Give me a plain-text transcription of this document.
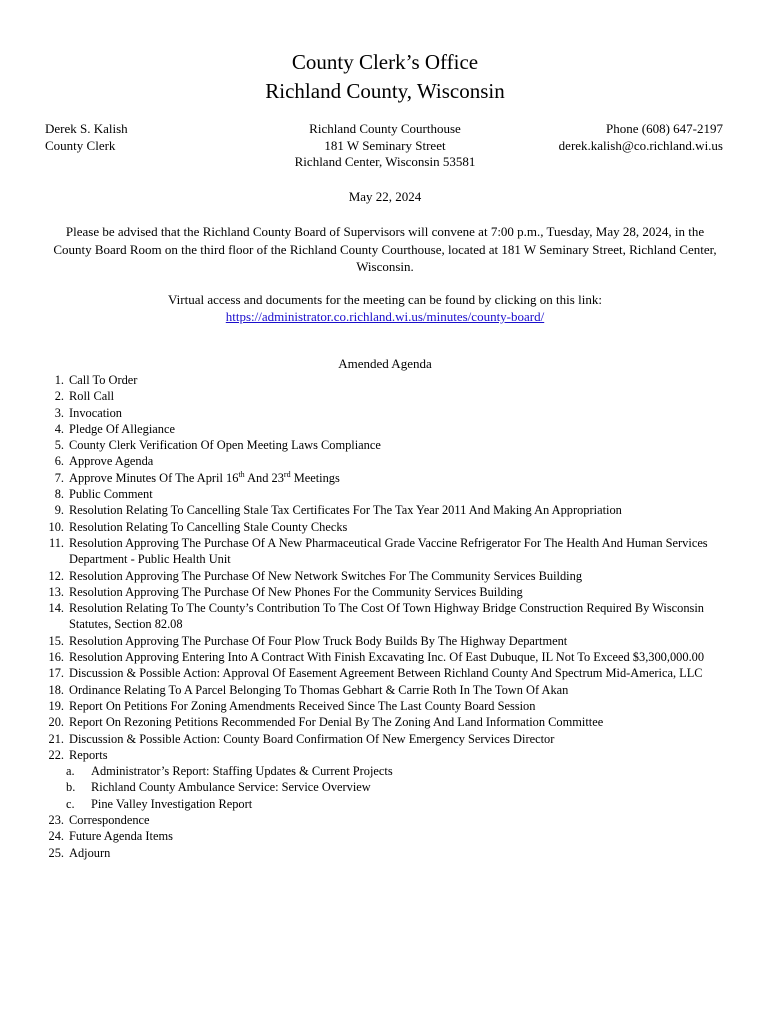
County Clerk’s Office
Richland County, Wisconsin
Derek S. Kalish
County Clerk
Richland County Courthouse
181 W Seminary Street
Richland Center, Wisconsin 53581
Phone (608) 647-2197
derek.kalish@co.richland.wi.us
May 22, 2024
Please be advised that the Richland County Board of Supervisors will convene at 7:00 p.m., Tuesday, May 28, 2024, in the County Board Room on the third floor of the Richland County Courthouse, located at 181 W Seminary Street, Richland Center, Wisconsin.
Virtual access and documents for the meeting can be found by clicking on this link:
https://administrator.co.richland.wi.us/minutes/county-board/
Amended Agenda
1. Call To Order
2. Roll Call
3. Invocation
4. Pledge Of Allegiance
5. County Clerk Verification Of Open Meeting Laws Compliance
6. Approve Agenda
7. Approve Minutes Of The April 16th And 23rd Meetings
8. Public Comment
9. Resolution Relating To Cancelling Stale Tax Certificates For The Tax Year 2011 And Making An Appropriation
10. Resolution Relating To Cancelling Stale County Checks
11. Resolution Approving The Purchase Of A New Pharmaceutical Grade Vaccine Refrigerator For The Health And Human Services Department - Public Health Unit
12. Resolution Approving The Purchase Of New Network Switches For The Community Services Building
13. Resolution Approving The Purchase Of New Phones For the Community Services Building
14. Resolution Relating To The County’s Contribution To The Cost Of Town Highway Bridge Construction Required By Wisconsin Statutes, Section 82.08
15. Resolution Approving The Purchase Of Four Plow Truck Body Builds By The Highway Department
16. Resolution Approving Entering Into A Contract With Finish Excavating Inc. Of East Dubuque, IL Not To Exceed $3,300,000.00
17. Discussion & Possible Action: Approval Of Easement Agreement Between Richland County And Spectrum Mid-America, LLC
18. Ordinance Relating To A Parcel Belonging To Thomas Gebhart & Carrie Roth In The Town Of Akan
19. Report On Petitions For Zoning Amendments Received Since The Last County Board Session
20. Report On Rezoning Petitions Recommended For Denial By The Zoning And Land Information Committee
21. Discussion & Possible Action: County Board Confirmation Of New Emergency Services Director
22. Reports
a. Administrator’s Report: Staffing Updates & Current Projects
b. Richland County Ambulance Service: Service Overview
c. Pine Valley Investigation Report
23. Correspondence
24. Future Agenda Items
25. Adjourn
